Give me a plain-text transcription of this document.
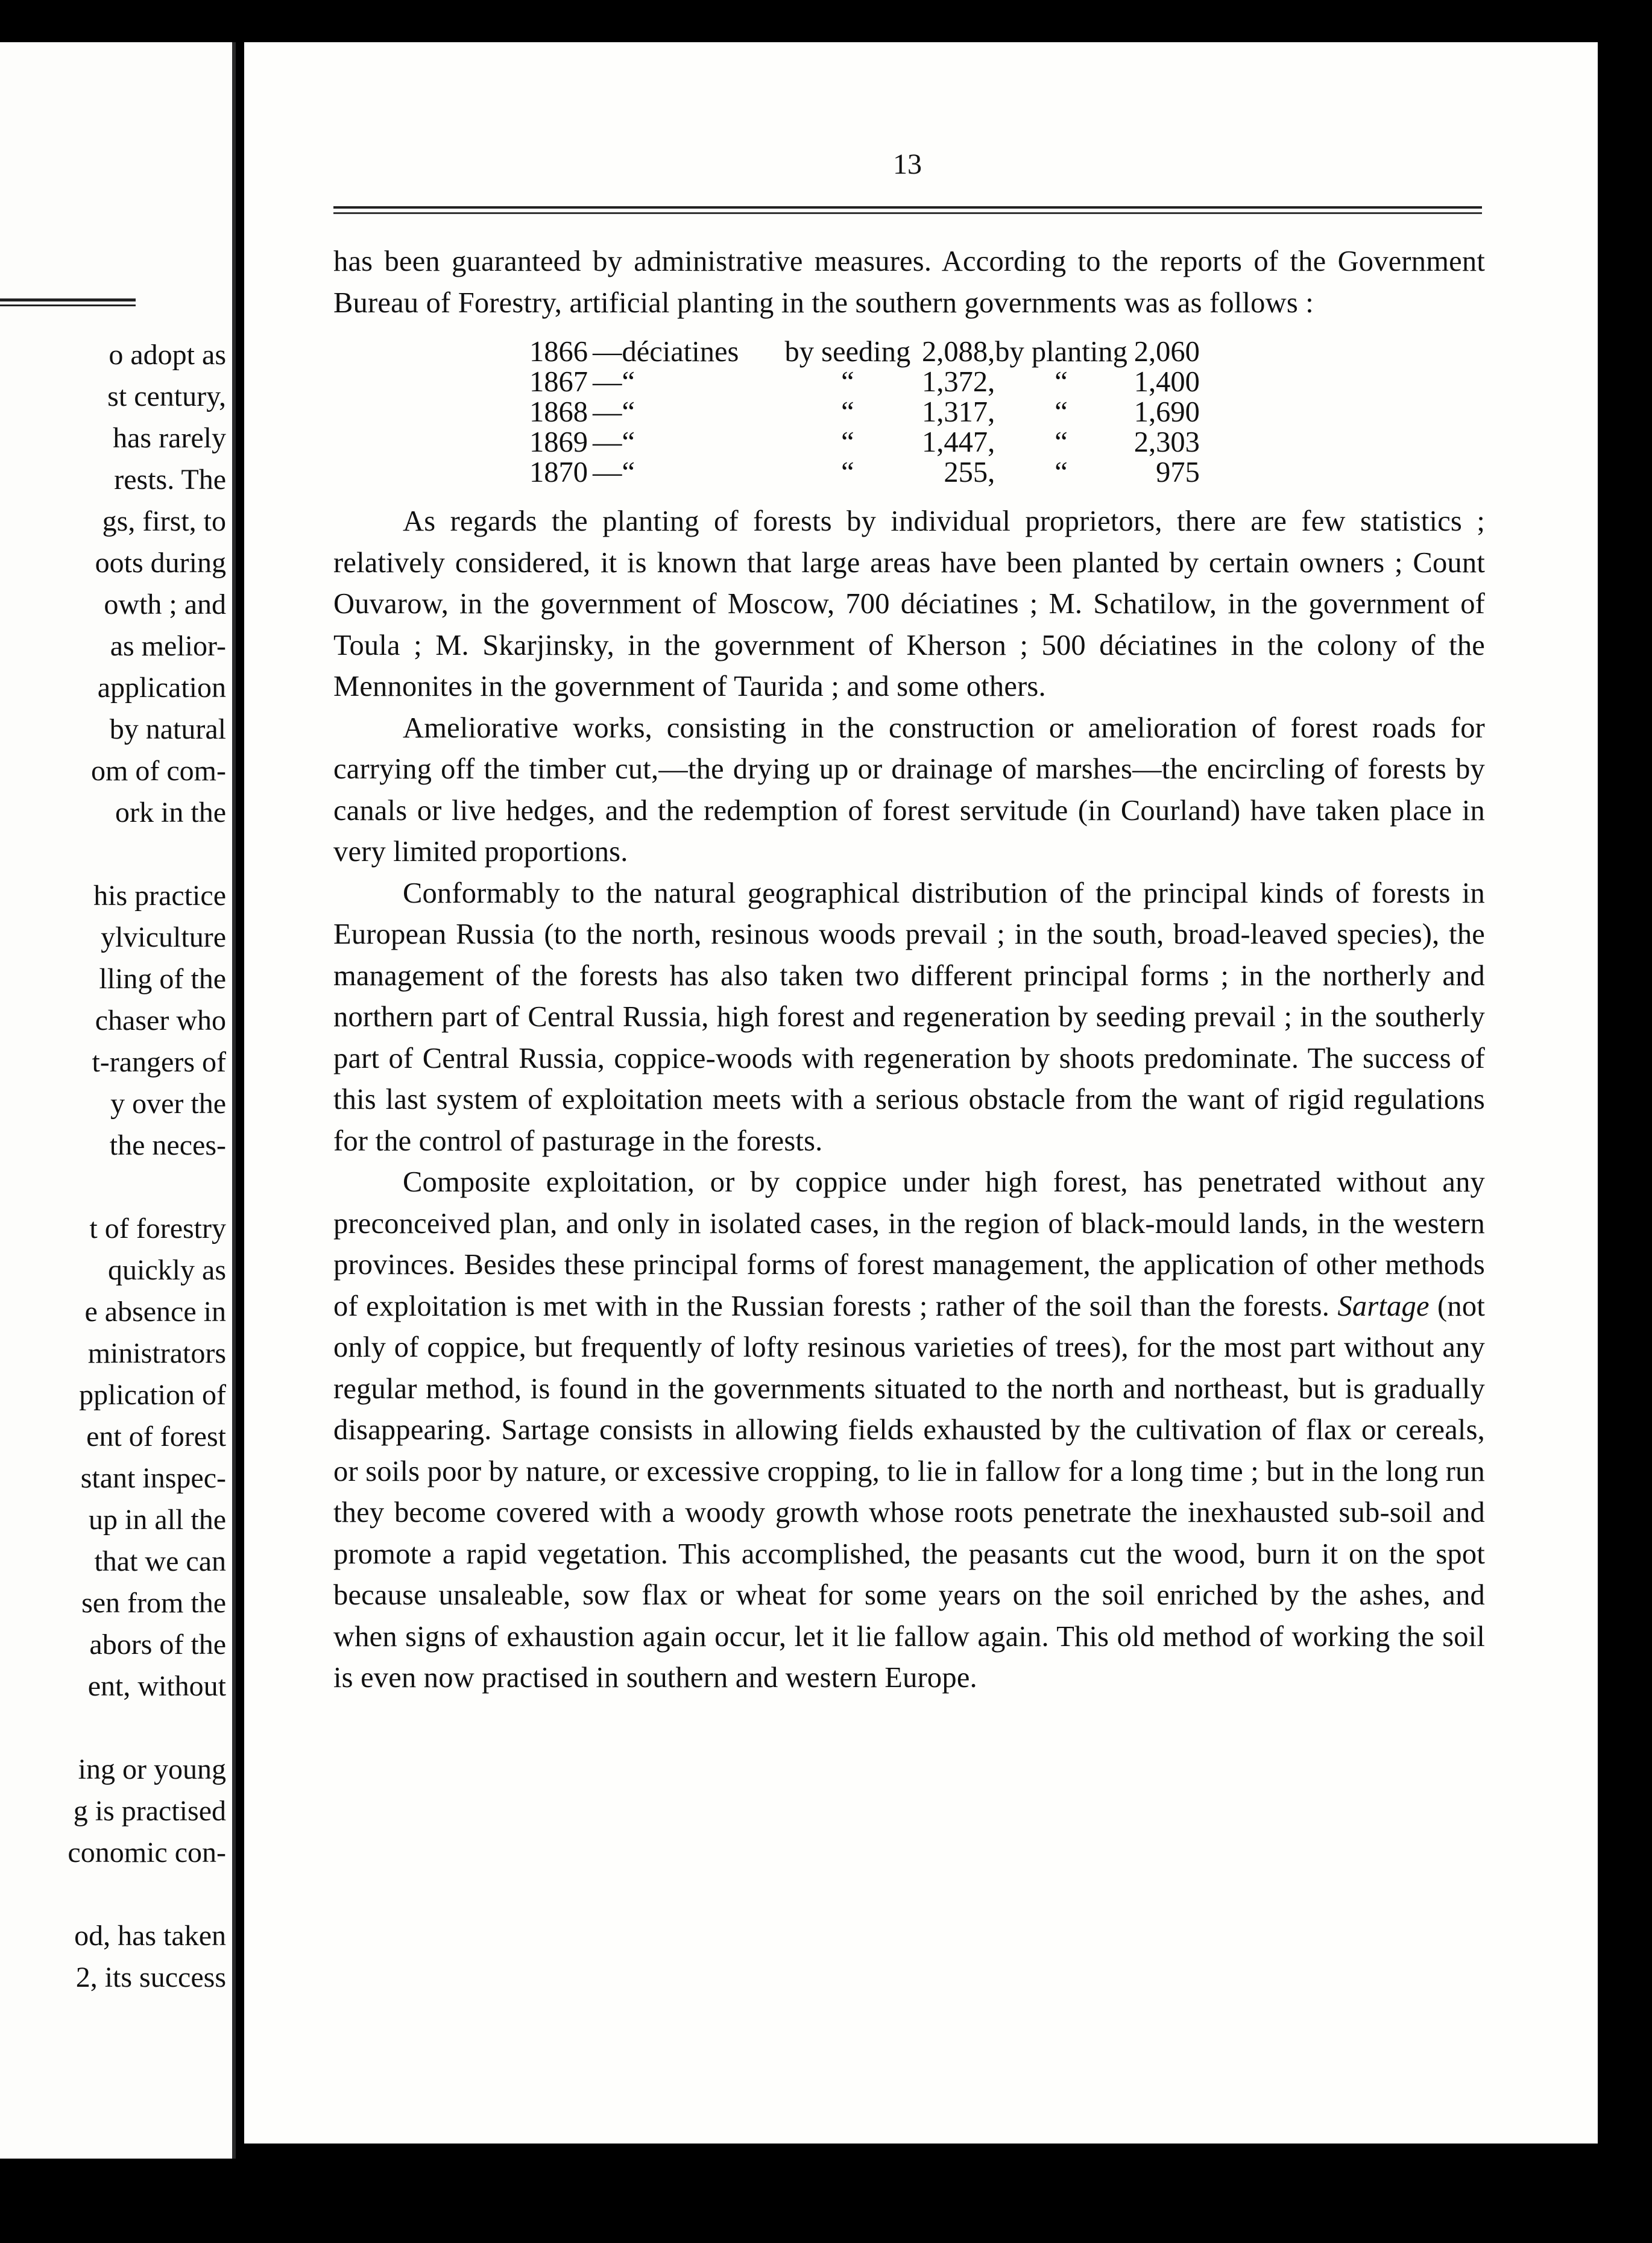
o adopt as
st century,
has rarely
rests. The
gs, first, to
oots during
owth ; and
as melior-
application
by natural
om of com-
ork in the
his practice
ylviculture
lling of the
chaser who
t-rangers of
y over the
the neces-
t of forestry
quickly as
e absence in
ministrators
pplication of
ent of forest
stant inspec-
up in all the
that we can
sen from the
abors of the
ent, without
ing or young
g is practised
conomic con-
od, has taken
2, its success
13

has been guaranteed by administrative measures. According to the reports of the Government Bureau of Forestry, artificial planting in the southern governments was as follows :

1866	—	déciatines	by seeding	2,088,	by planting	2,060
1867	—	“	“	1,372,	“	1,400
1868	—	“	“	1,317,	“	1,690
1869	—	“	“	1,447,	“	2,303
1870	—	“	“	255,	“	975

As regards the planting of forests by individual proprietors, there are few statistics ; relatively considered, it is known that large areas have been planted by certain owners ; Count Ouvarow, in the government of Moscow, 700 déciatines ; M. Schatilow, in the government of Toula ; M. Skarjinsky, in the government of Kherson ; 500 déciatines in the colony of the Mennonites in the government of Taurida ; and some others.

Ameliorative works, consisting in the construction or amelioration of forest roads for carrying off the timber cut,—the drying up or drainage of marshes—the encircling of forests by canals or live hedges, and the redemption of forest servitude (in Courland) have taken place in very limited proportions.

Conformably to the natural geographical distribution of the principal kinds of forests in European Russia (to the north, resinous woods prevail ; in the south, broad-leaved species), the management of the forests has also taken two different principal forms ; in the northerly and northern part of Central Russia, high forest and regeneration by seeding prevail ; in the southerly part of Central Russia, coppice-woods with regeneration by shoots predominate. The success of this last system of exploitation meets with a serious obstacle from the want of rigid regulations for the control of pasturage in the forests.

Composite exploitation, or by coppice under high forest, has penetrated without any preconceived plan, and only in isolated cases, in the region of black-mould lands, in the western provinces. Besides these principal forms of forest management, the application of other methods of exploitation is met with in the Russian forests ; rather of the soil than the forests. Sartage (not only of coppice, but frequently of lofty resinous varieties of trees), for the most part without any regular method, is found in the governments situated to the north and northeast, but is gradually disappearing. Sartage consists in allowing fields exhausted by the cultivation of flax or cereals, or soils poor by nature, or excessive cropping, to lie in fallow for a long time ; but in the long run they become covered with a woody growth whose roots penetrate the inexhausted sub-soil and promote a rapid vegetation. This accomplished, the peasants cut the wood, burn it on the spot because unsaleable, sow flax or wheat for some years on the soil enriched by the ashes, and when signs of exhaustion again occur, let it lie fallow again. This old method of working the soil is even now practised in southern and western Europe.
